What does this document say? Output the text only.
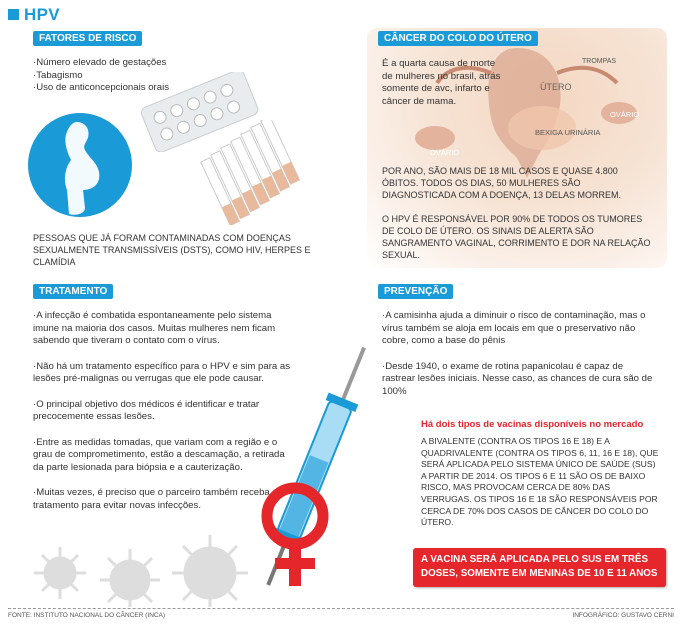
HPV
FATORES DE RISCO
·Número elevado de gestações
·Tabagismo
·Uso de anticoncepcionais orais
PESSOAS QUE JÁ FORAM CONTAMINADAS COM DOENÇAS SEXUALMENTE TRANSMISSÍVEIS (DSTS), COMO HIV, HERPES E CLAMÍDIA
CÂNCER DO COLO DO ÚTERO
É a quarta causa de morte de mulheres no brasil, atrás somente de avc, infarto e câncer de mama.
TROMPAS
ÚTERO
OVÁRIO
BEXIGA URINÁRIA
OVÁRIO
POR ANO, SÃO MAIS DE 18 MIL CASOS E QUASE 4.800 ÓBITOS. TODOS OS DIAS, 50 MULHERES SÃO DIAGNOSTICADA COM A DOENÇA, 13 DELAS MORREM.
O HPV É RESPONSÁVEL POR 90% DE TODOS OS TUMORES DE COLO DE ÚTERO. OS SINAIS DE ALERTA SÃO SANGRAMENTO VAGINAL, CORRIMENTO E DOR NA RELAÇÃO SEXUAL.
TRATAMENTO
·A infecção é combatida espontaneamente pelo sistema imune na maioria dos casos. Muitas mulheres nem ficam sabendo que tiveram o contato com o vírus.
·Não há um tratamento específico para o HPV e sim para as lesões pré-malignas ou verrugas que ele pode causar.
·O principal objetivo dos médicos é identificar e tratar precocemente essas lesões.
·Entre as medidas tomadas, que variam com a região e o grau de comprometimento, estão a descamação, a retirada da parte lesionada para biópsia e a cauterização.
·Muitas vezes, é preciso que o parceiro também receba tratamento para evitar novas infecções.
PREVENÇÃO
·A camisinha ajuda a diminuir o risco de contaminação, mas o vírus também se aloja em locais em que o preservativo não cobre, como a base do pênis
·Desde 1940, o exame de rotina papanicolau é capaz de rastrear lesões iniciais. Nesse caso, as chances de cura são de 100%
Há dois tipos de vacinas disponíveis no mercado
A BIVALENTE (CONTRA OS TIPOS 16 E 18) E A QUADRIVALENTE (CONTRA OS TIPOS 6, 11, 16 E 18), QUE SERÁ APLICADA PELO SISTEMA ÚNICO DE SAÚDE (SUS) A PARTIR DE 2014. OS TIPOS 6 E 11 SÃO OS DE BAIXO RISCO, MAS PROVOCAM CERCA DE 80% DAS VERRUGAS. OS TIPOS 16 E 18 SÃO RESPONSÁVEIS POR CERCA DE 70% DOS CASOS DE CÂNCER DO COLO DO ÚTERO.
A VACINA SERÁ APLICADA PELO SUS EM TRÊS DOSES, SOMENTE EM MENINAS DE 10 E 11 ANOS
FONTE: INSTITUTO NACIONAL DO CÂNCER (INCA)	INFOGRÁFICO: GUSTAVO CERNI
